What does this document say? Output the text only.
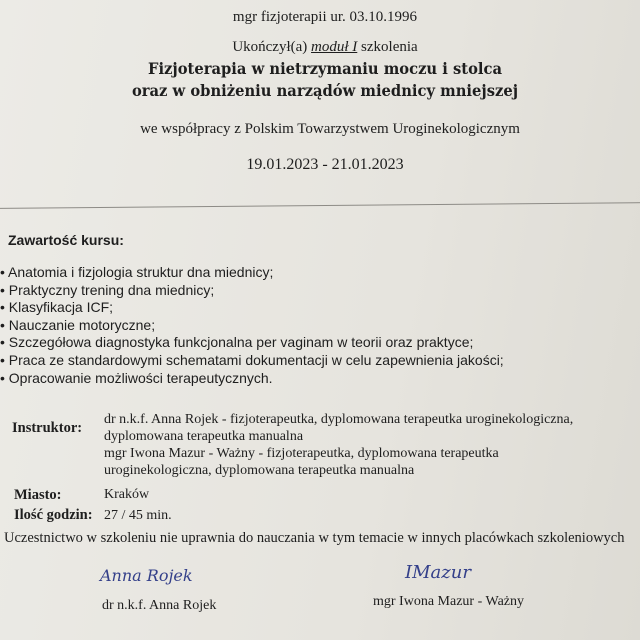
mgr fizjoterapii ur. 03.10.1996
Ukończył(a) moduł I szkolenia
Fizjoterapia w nietrzymaniu moczu i stolca
oraz w obniżeniu narządów miednicy mniejszej
we współpracy z Polskim Towarzystwem Uroginekologicznym
19.01.2023 - 21.01.2023
Zawartość kursu:
• Anatomia i fizjologia struktur dna miednicy;
• Praktyczny trening dna miednicy;
• Klasyfikacja ICF;
• Nauczanie motoryczne;
• Szczegółowa diagnostyka funkcjonalna per vaginam w teorii oraz praktyce;
• Praca ze standardowymi schematami dokumentacji w celu zapewnienia jakości;
• Opracowanie możliwości terapeutycznych.
Instruktor:
dr n.k.f. Anna Rojek - fizjoterapeutka, dyplomowana terapeutka uroginekologiczna,
dyplomowana terapeutka manualna
mgr Iwona Mazur - Ważny - fizjoterapeutka, dyplomowana terapeutka
uroginekologiczna, dyplomowana terapeutka manualna
Miasto:	Kraków
Ilość godzin: 27 / 45 min.
Uczestnictwo w szkoleniu nie uprawnia do nauczania w tym temacie w innych placówkach szkoleniowych
Anna Rojek
dr n.k.f. Anna Rojek
IMazur
mgr Iwona Mazur - Ważny
